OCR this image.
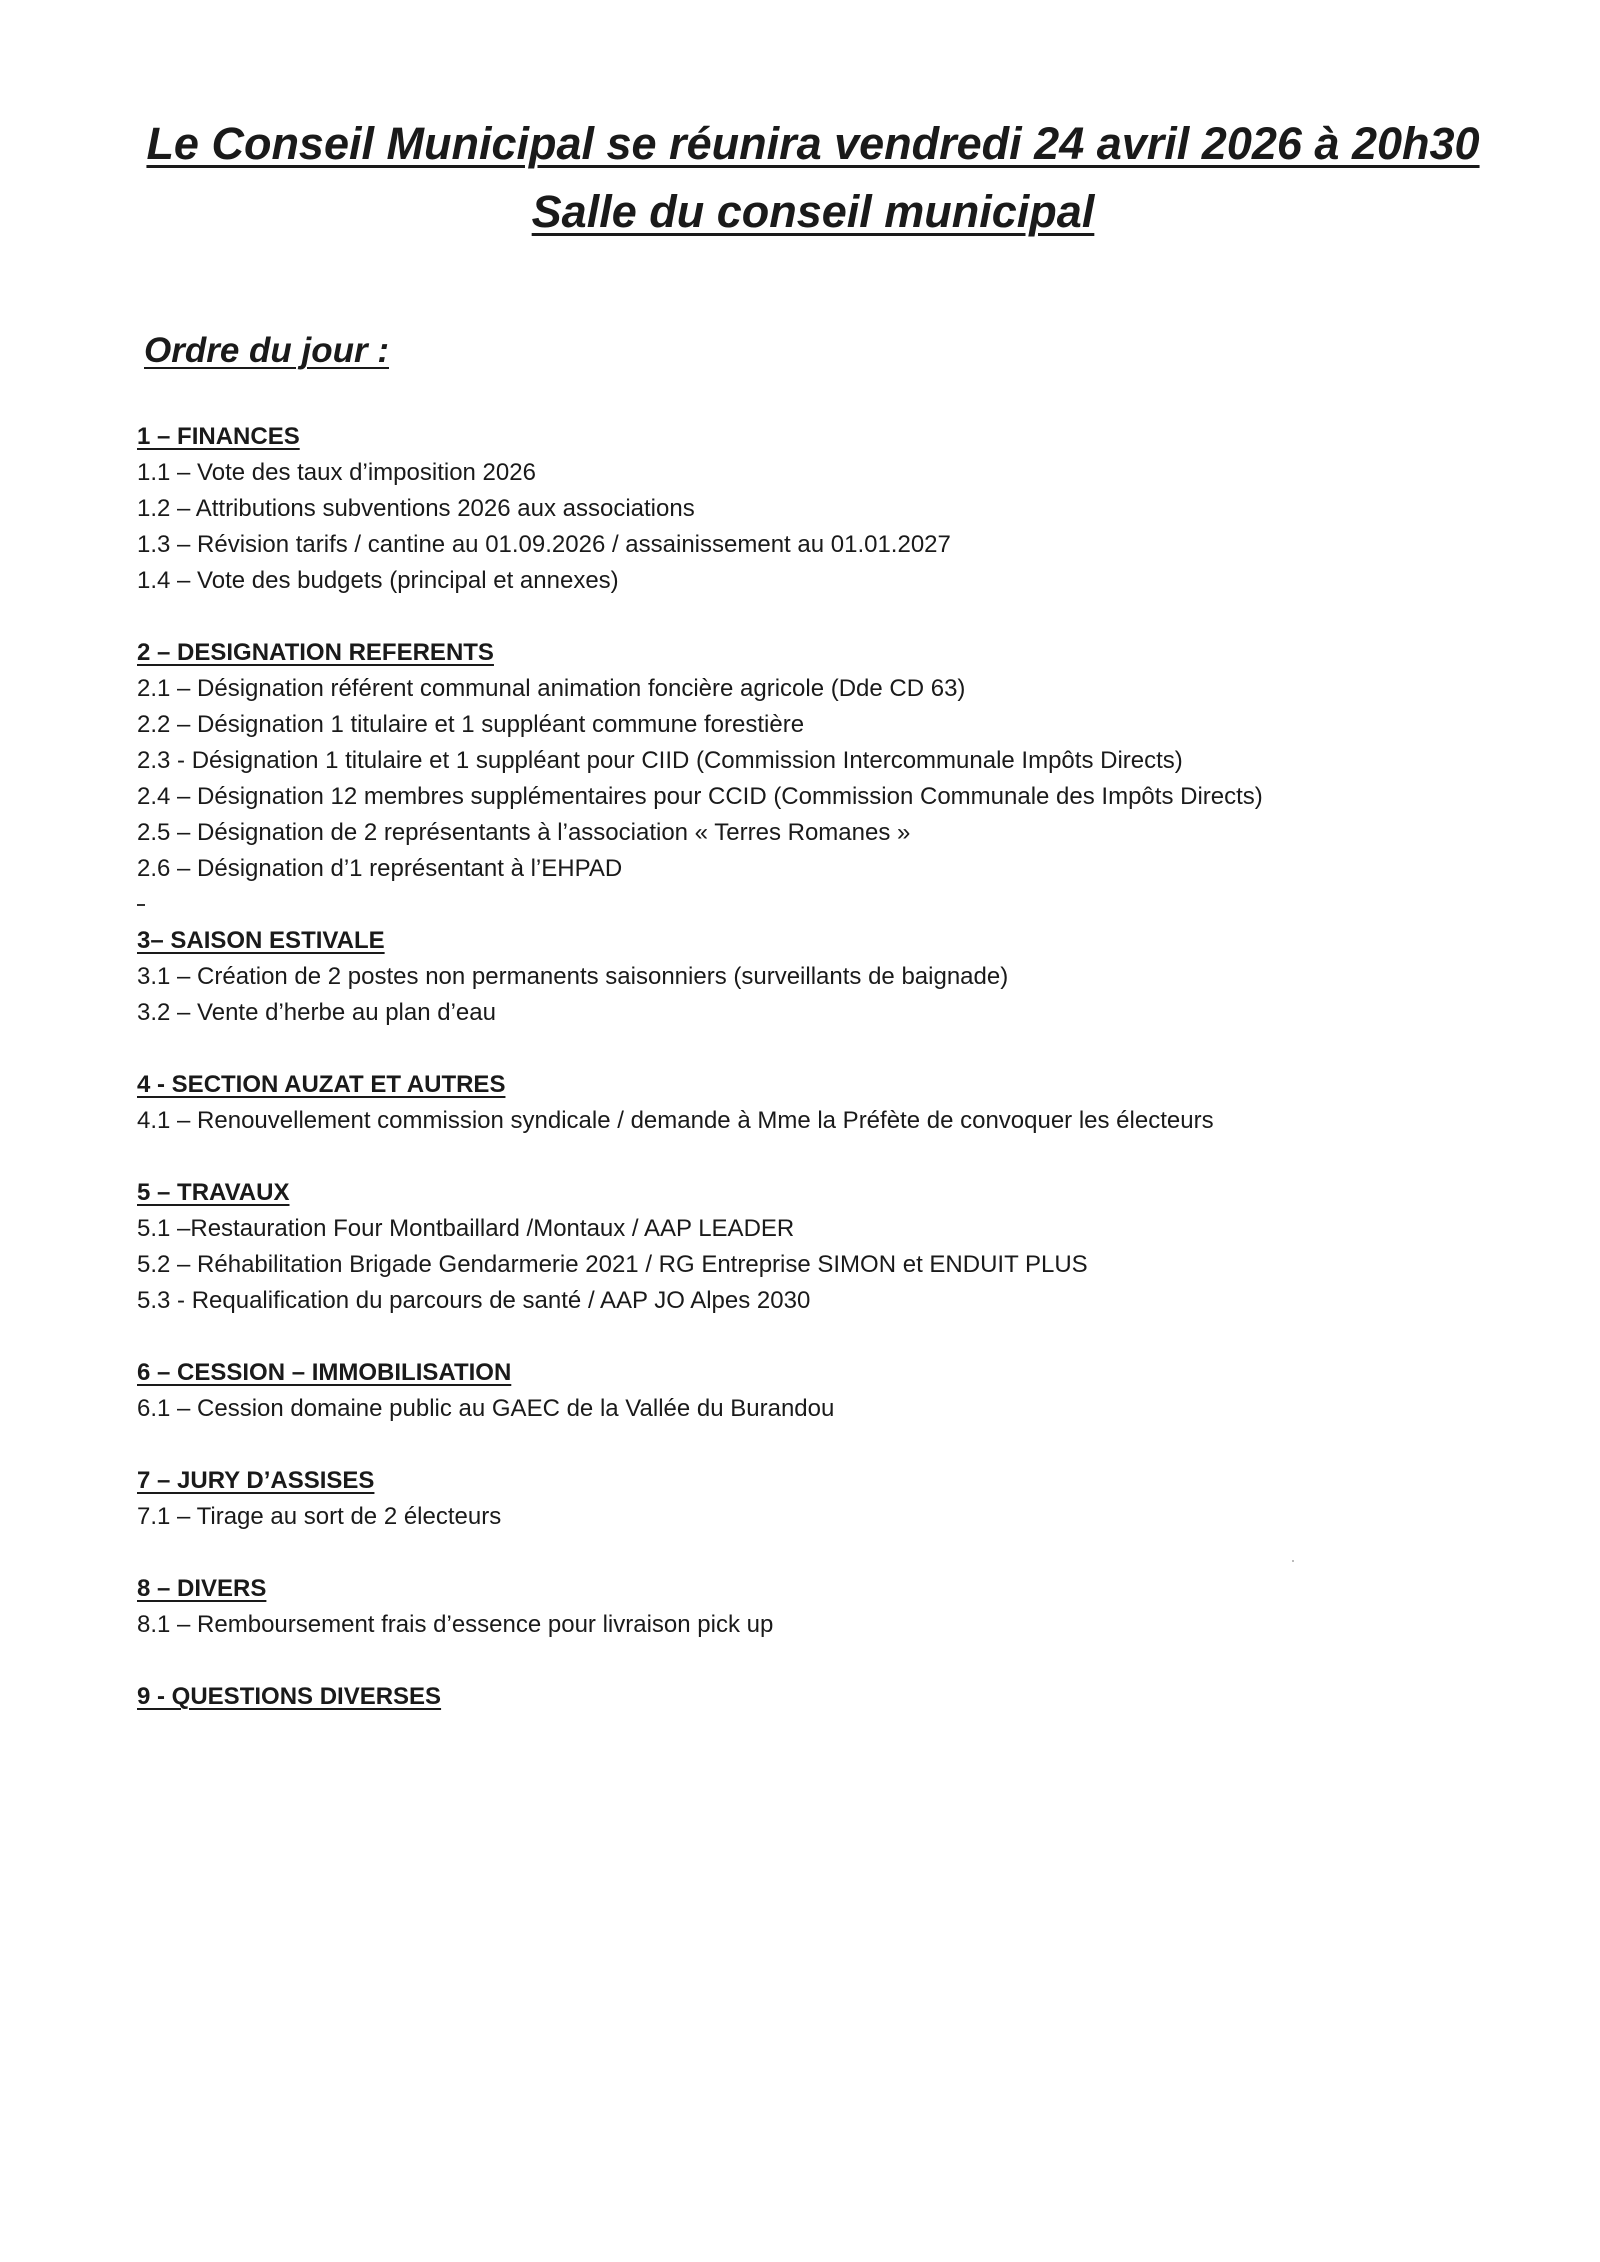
Le Conseil Municipal se réunira vendredi 24 avril 2026 à 20h30
Salle du conseil municipal
Ordre du jour :
1 – FINANCES
1.1 – Vote des taux d’imposition 2026
1.2 – Attributions subventions 2026 aux associations
1.3 – Révision tarifs / cantine au 01.09.2026 / assainissement au 01.01.2027
1.4 – Vote des budgets (principal et annexes)
2 – DESIGNATION REFERENTS
2.1 – Désignation référent communal animation foncière agricole (Dde CD 63)
2.2 – Désignation 1 titulaire et 1 suppléant commune forestière
2.3 - Désignation 1 titulaire et 1 suppléant pour CIID (Commission Intercommunale Impôts Directs)
2.4 – Désignation 12 membres supplémentaires pour CCID (Commission Communale des Impôts Directs)
2.5 – Désignation de 2 représentants à l’association « Terres Romanes »
2.6 – Désignation d’1 représentant à l’EHPAD
3– SAISON ESTIVALE
3.1 – Création de 2 postes non permanents saisonniers (surveillants de baignade)
3.2 – Vente d’herbe au plan d’eau
4 - SECTION AUZAT ET AUTRES
4.1 – Renouvellement commission syndicale / demande à Mme la Préfète de convoquer les électeurs
5 – TRAVAUX
5.1 –Restauration Four Montbaillard /Montaux / AAP LEADER
5.2 – Réhabilitation Brigade Gendarmerie 2021 / RG Entreprise SIMON et ENDUIT PLUS
5.3 - Requalification du parcours de santé / AAP JO Alpes 2030
6 – CESSION – IMMOBILISATION
6.1 – Cession domaine public au GAEC de la Vallée du Burandou
7 – JURY D’ASSISES
7.1 – Tirage au sort de 2 électeurs
8 – DIVERS
8.1 – Remboursement frais d’essence pour livraison pick up
9 - QUESTIONS DIVERSES
